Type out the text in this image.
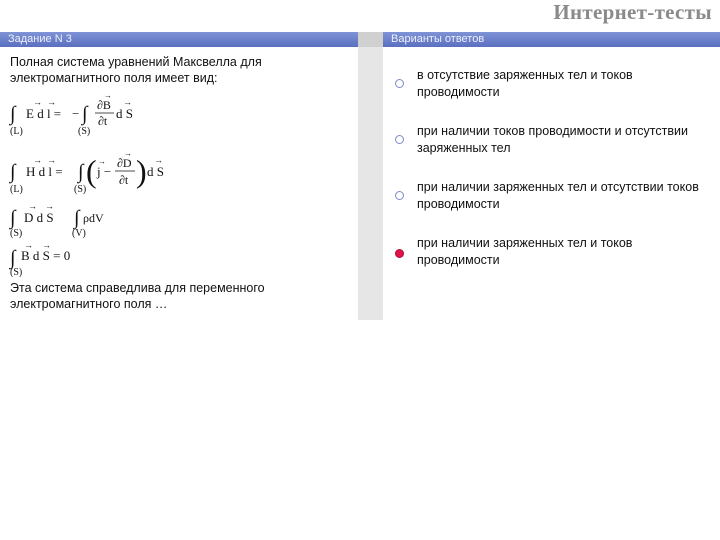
Интернет-тесты
Задание N 3
Полная система уравнений Максвелла для электромагнитного поля имеет вид:
∫ E d l =
→ →
(L)
− ∫
(S)
∂B
∂t
→
d S
→
∫ H d l =
→ →
(L)
∫
(S)
( j −
→ ∂D
∂t
→ ) d S
→
∫ D d S
→ →
(S)
∫ ρdV
(V)
∫ B d S = 0
→ →
(S)
Эта система справедлива для переменного электромагнитного поля …
Варианты ответов
в отсутствие заряженных тел и токов проводимости
при наличии токов проводимости и отсутствии заряженных тел
при наличии заряженных тел и отсутствии токов проводимости
при наличии заряженных тел и токов проводимости
